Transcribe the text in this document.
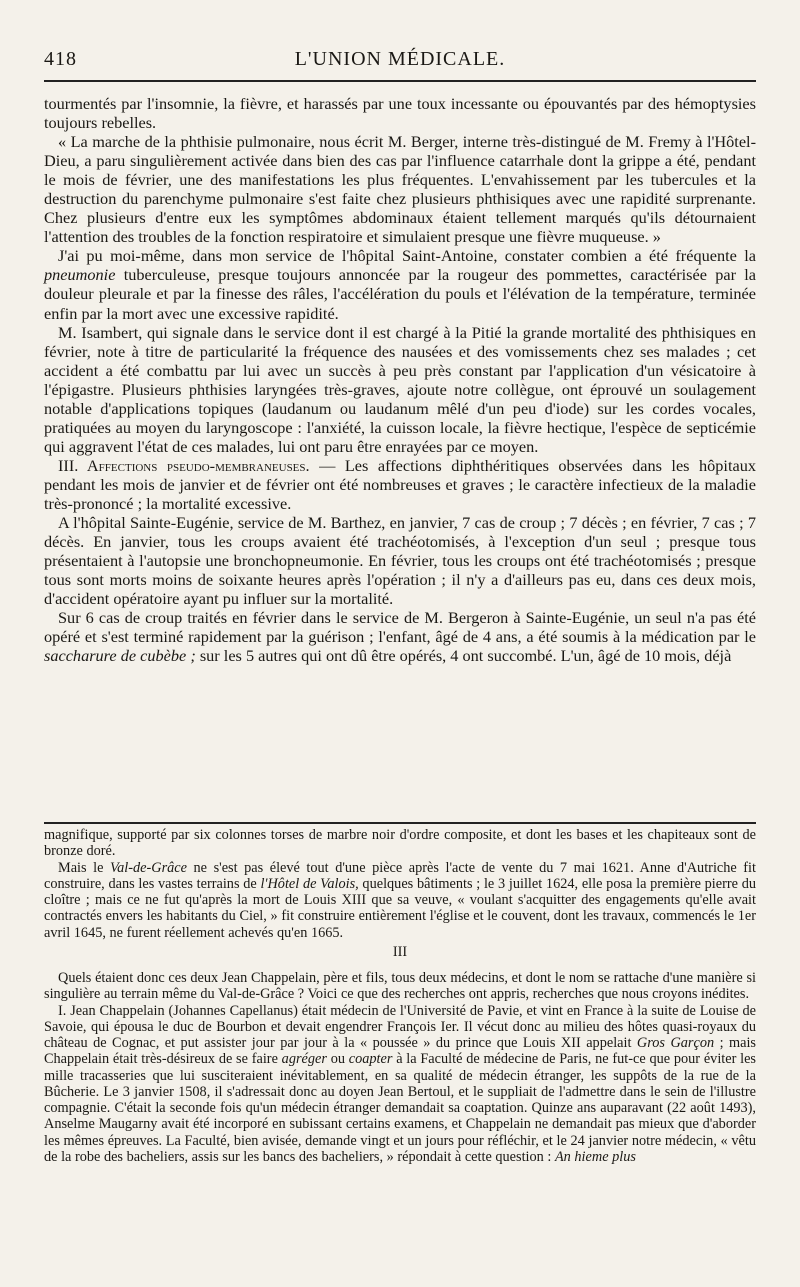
418	L'UNION MÉDICALE.

tourmentés par l'insomnie, la fièvre, et harassés par une toux incessante ou épouvantés par des hémoptysies toujours rebelles.

« La marche de la phthisie pulmonaire, nous écrit M. Berger, interne très-distingué de M. Fremy à l'Hôtel-Dieu, a paru singulièrement activée dans bien des cas par l'influence catarrhale dont la grippe a été, pendant le mois de février, une des manifestations les plus fréquentes. L'envahissement par les tubercules et la destruction du parenchyme pulmonaire s'est faite chez plusieurs phthisiques avec une rapidité surprenante. Chez plusieurs d'entre eux les symptômes abdominaux étaient tellement marqués qu'ils détournaient l'attention des troubles de la fonction respiratoire et simulaient presque une fièvre muqueuse. »

J'ai pu moi-même, dans mon service de l'hôpital Saint-Antoine, constater combien a été fréquente la pneumonie tuberculeuse, presque toujours annoncée par la rougeur des pommettes, caractérisée par la douleur pleurale et par la finesse des râles, l'accélération du pouls et l'élévation de la température, terminée enfin par la mort avec une excessive rapidité.

M. Isambert, qui signale dans le service dont il est chargé à la Pitié la grande mortalité des phthisiques en février, note à titre de particularité la fréquence des nausées et des vomissements chez ses malades ; cet accident a été combattu par lui avec un succès à peu près constant par l'application d'un vésicatoire à l'épigastre. Plusieurs phthisies laryngées très-graves, ajoute notre collègue, ont éprouvé un soulagement notable d'applications topiques (laudanum ou laudanum mêlé d'un peu d'iode) sur les cordes vocales, pratiquées au moyen du laryngoscope : l'anxiété, la cuisson locale, la fièvre hectique, l'espèce de septicémie qui aggravent l'état de ces malades, lui ont paru être enrayées par ce moyen.

III. Affections pseudo-membraneuses. — Les affections diphthéritiques observées dans les hôpitaux pendant les mois de janvier et de février ont été nombreuses et graves ; le caractère infectieux de la maladie très-prononcé ; la mortalité excessive.

A l'hôpital Sainte-Eugénie, service de M. Barthez, en janvier, 7 cas de croup ; 7 décès ; en février, 7 cas ; 7 décès. En janvier, tous les croups avaient été trachéotomisés, à l'exception d'un seul ; presque tous présentaient à l'autopsie une bronchopneumonie. En février, tous les croups ont été trachéotomisés ; presque tous sont morts moins de soixante heures après l'opération ; il n'y a d'ailleurs pas eu, dans ces deux mois, d'accident opératoire ayant pu influer sur la mortalité.

Sur 6 cas de croup traités en février dans le service de M. Bergeron à Sainte-Eugénie, un seul n'a pas été opéré et s'est terminé rapidement par la guérison ; l'enfant, âgé de 4 ans, a été soumis à la médication par le saccharure de cubèbe ; sur les 5 autres qui ont dû être opérés, 4 ont succombé. L'un, âgé de 10 mois, déjà

magnifique, supporté par six colonnes torses de marbre noir d'ordre composite, et dont les bases et les chapiteaux sont de bronze doré.

Mais le Val-de-Grâce ne s'est pas élevé tout d'une pièce après l'acte de vente du 7 mai 1621. Anne d'Autriche fit construire, dans les vastes terrains de l'Hôtel de Valois, quelques bâtiments ; le 3 juillet 1624, elle posa la première pierre du cloître ; mais ce ne fut qu'après la mort de Louis XIII que sa veuve, « voulant s'acquitter des engagements qu'elle avait contractés envers les habitants du Ciel, » fit construire entièrement l'église et le couvent, dont les travaux, commencés le 1er avril 1645, ne furent réellement achevés qu'en 1665.

III

Quels étaient donc ces deux Jean Chappelain, père et fils, tous deux médecins, et dont le nom se rattache d'une manière si singulière au terrain même du Val-de-Grâce ? Voici ce que des recherches ont appris, recherches que nous croyons inédites.

I. Jean Chappelain (Johannes Capellanus) était médecin de l'Université de Pavie, et vint en France à la suite de Louise de Savoie, qui épousa le duc de Bourbon et devait engendrer François Ier. Il vécut donc au milieu des hôtes quasi-royaux du château de Cognac, et put assister jour par jour à la « poussée » du prince que Louis XII appelait Gros Garçon ; mais Chappelain était très-désireux de se faire agréger ou coapter à la Faculté de médecine de Paris, ne fut-ce que pour éviter les mille tracasseries que lui susciteraient inévitablement, en sa qualité de médecin étranger, les suppôts de la rue de la Bûcherie. Le 3 janvier 1508, il s'adressait donc au doyen Jean Bertoul, et le suppliait de l'admettre dans le sein de l'illustre compagnie. C'était la seconde fois qu'un médecin étranger demandait sa coaptation. Quinze ans auparavant (22 août 1493), Anselme Maugarny avait été incorporé en subissant certains examens, et Chappelain ne demandait pas mieux que d'aborder les mêmes épreuves. La Faculté, bien avisée, demande vingt et un jours pour réfléchir, et le 24 janvier notre médecin, « vêtu de la robe des bacheliers, assis sur les bancs des bacheliers, » répondait à cette question : An hieme plus
